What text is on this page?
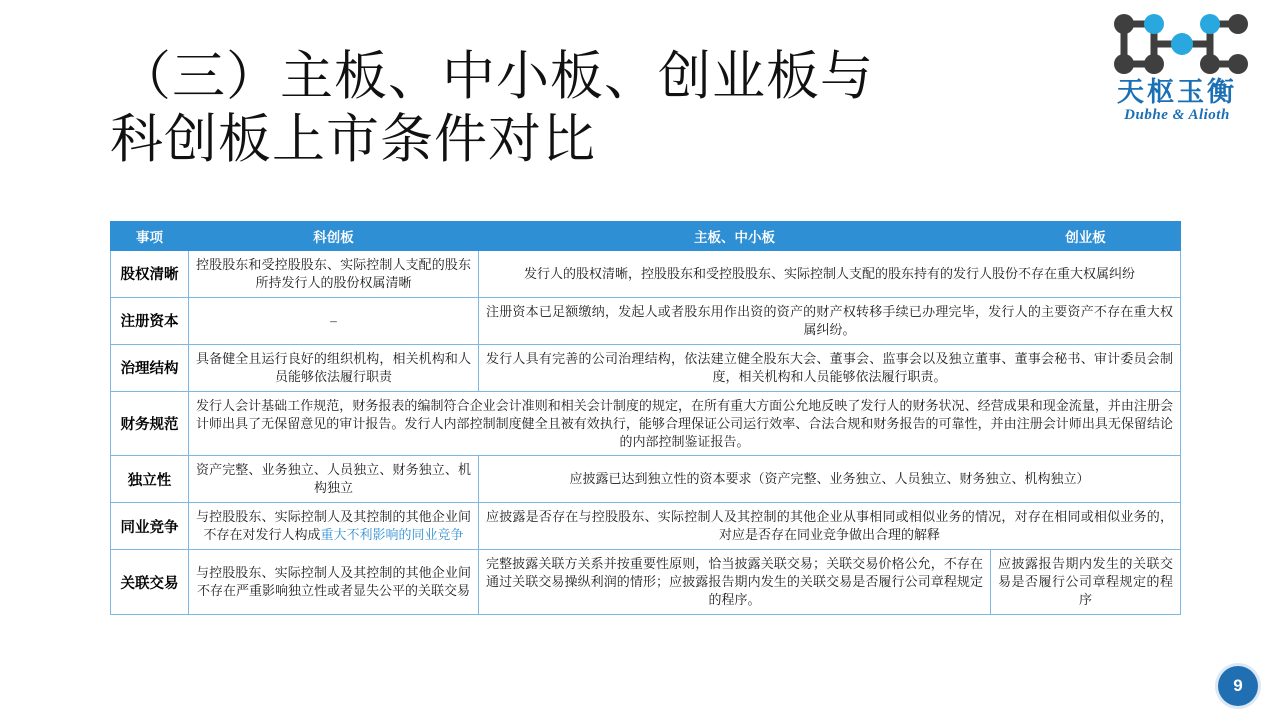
天枢玉衡
Dubhe & Alioth
（三）主板、中小板、创业板与
科创板上市条件对比
事项	科创板	主板、中小板	创业板
股权清晰	控股股东和受控股股东、实际控制人支配的股东所持发行人的股份权属清晰	发行人的股权清晰，控股股东和受控股股东、实际控制人支配的股东持有的发行人股份不存在重大权属纠纷	
注册资本	–	注册资本已足额缴纳，发起人或者股东用作出资的资产的财产权转移手续已办理完毕，发行人的主要资产不存在重大权属纠纷。	
治理结构	具备健全且运行良好的组织机构，相关机构和人员能够依法履行职责	发行人具有完善的公司治理结构，依法建立健全股东大会、董事会、监事会以及独立董事、董事会秘书、审计委员会制度，相关机构和人员能够依法履行职责。	
财务规范	发行人会计基础工作规范，财务报表的编制符合企业会计准则和相关会计制度的规定，在所有重大方面公允地反映了发行人的财务状况、经营成果和现金流量，并由注册会计师出具了无保留意见的审计报告。发行人内部控制制度健全且被有效执行，能够合理保证公司运行效率、合法合规和财务报告的可靠性，并由注册会计师出具无保留结论的内部控制鉴证报告。		
独立性	资产完整、业务独立、人员独立、财务独立、机构独立	应披露已达到独立性的资本要求（资产完整、业务独立、人员独立、财务独立、机构独立）	
同业竞争	与控股股东、实际控制人及其控制的其他企业间不存在对发行人构成重大不利影响的同业竞争	应披露是否存在与控股股东、实际控制人及其控制的其他企业从事相同或相似业务的情况，对存在相同或相似业务的，对应是否存在同业竞争做出合理的解释	
关联交易	与控股股东、实际控制人及其控制的其他企业间不存在严重影响独立性或者显失公平的关联交易	完整披露关联方关系并按重要性原则，恰当披露关联交易；关联交易价格公允，不存在通过关联交易操纵利润的情形；应披露报告期内发生的关联交易是否履行公司章程规定的程序。	应披露报告期内发生的关联交易是否履行公司章程规定的程序
9
